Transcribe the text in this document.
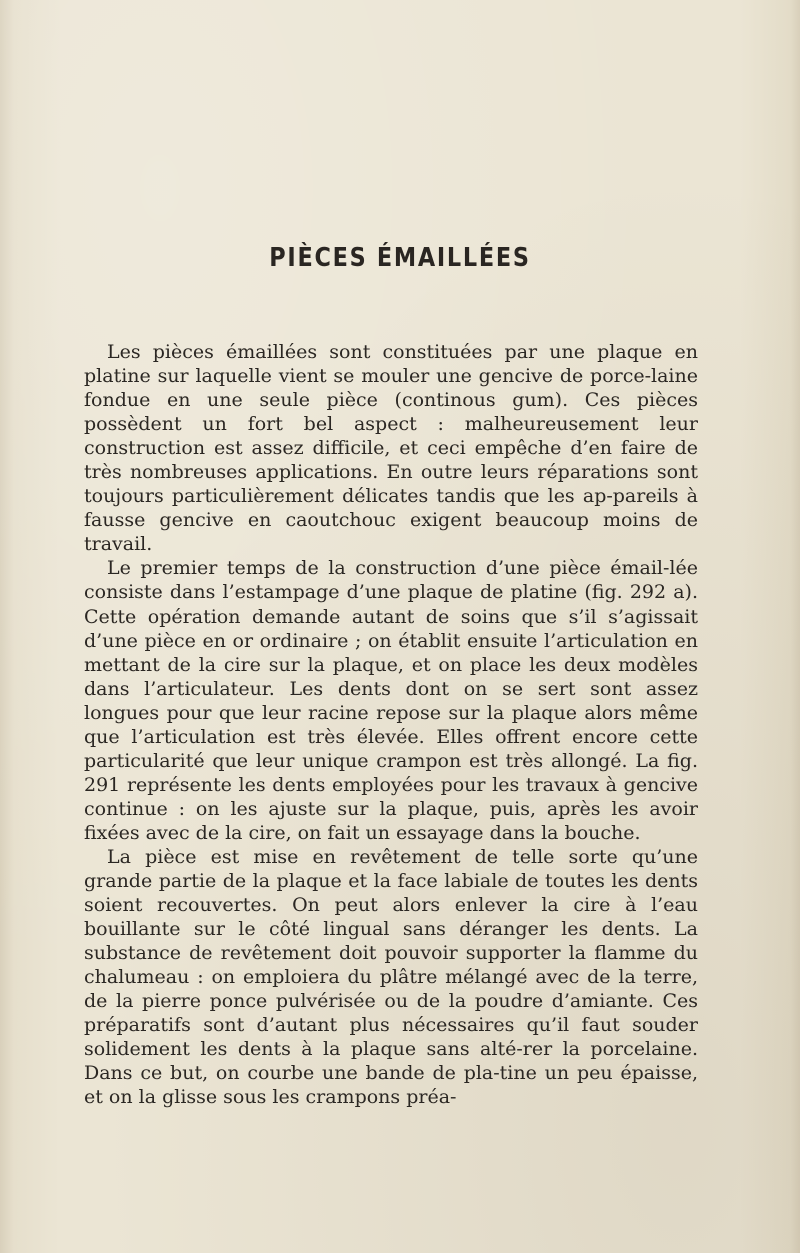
PIÈCES ÉMAILLÉES

Les pièces émaillées sont constituées par une plaque en platine sur laquelle vient se mouler une gencive de porce-laine fondue en une seule pièce (continous gum). Ces pièces possèdent un fort bel aspect : malheureusement leur construction est assez difficile, et ceci empêche d’en faire de très nombreuses applications. En outre leurs réparations sont toujours particulièrement délicates tandis que les ap-pareils à fausse gencive en caoutchouc exigent beaucoup moins de travail.

Le premier temps de la construction d’une pièce émail-lée consiste dans l’estampage d’une plaque de platine (fig. 292 a). Cette opération demande autant de soins que s’il s’agissait d’une pièce en or ordinaire ; on établit ensuite l’articulation en mettant de la cire sur la plaque, et on place les deux modèles dans l’articulateur. Les dents dont on se sert sont assez longues pour que leur racine repose sur la plaque alors même que l’articulation est très élevée. Elles offrent encore cette particularité que leur unique crampon est très allongé. La fig. 291 représente les dents employées pour les travaux à gencive continue : on les ajuste sur la plaque, puis, après les avoir fixées avec de la cire, on fait un essayage dans la bouche.

La pièce est mise en revêtement de telle sorte qu’une grande partie de la plaque et la face labiale de toutes les dents soient recouvertes. On peut alors enlever la cire à l’eau bouillante sur le côté lingual sans déranger les dents. La substance de revêtement doit pouvoir supporter la flamme du chalumeau : on emploiera du plâtre mélangé avec de la terre, de la pierre ponce pulvérisée ou de la poudre d’amiante. Ces préparatifs sont d’autant plus nécessaires qu’il faut souder solidement les dents à la plaque sans alté-rer la porcelaine. Dans ce but, on courbe une bande de pla-tine un peu épaisse, et on la glisse sous les crampons préa-
